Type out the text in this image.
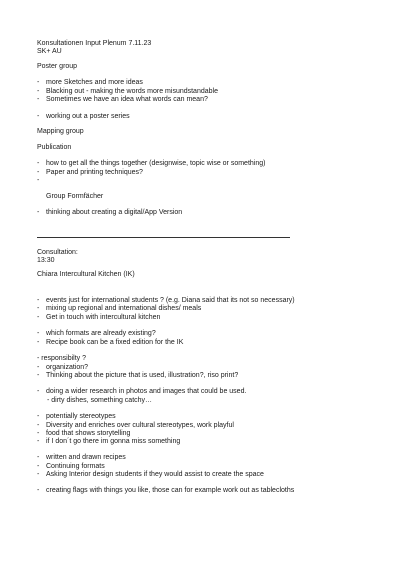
Konsultationen Input Plenum 7.11.23

SK+ AU

Poster group

-

more Sketches and more ideas

-

Blacking out - making the words more misundstandable

-

Sometimes we have an idea what words can mean?

-

working out a poster series

Mapping group

Publication

-

how to get all the things together (designwise, topic wise or something)

-

Paper and printing techniques?

-

Group Formfächer

-

thinking about creating a digital/App Version

Consultation:

13:30

Chiara Intercultural Kitchen (IK)

-

events just for international students ? (e.g. Diana said that its not so necessary)

-

mixing up regional and international dishes/ meals

-

Get in touch with intercultural kitchen

-

which formats are already existing?

-

Recipe book can be a fixed edition for the IK

- responsibilty ?

-

organization?

-

Thinking about the picture that is used, illustration?, riso print?

-

doing a wider research in photos and images that could be used.

- dirty dishes, something catchy…

-

potentially stereotypes

-

Diversity and enriches over cultural stereotypes, work playful

-

food that shows storytelling

-

if I don´t go there im gonna miss something

-

written and drawn recipes

-

Continuing formats

-

Asking Interior design students if they would assist to create the space

-

creating flags with things you like, those can for example work out as tablecloths
